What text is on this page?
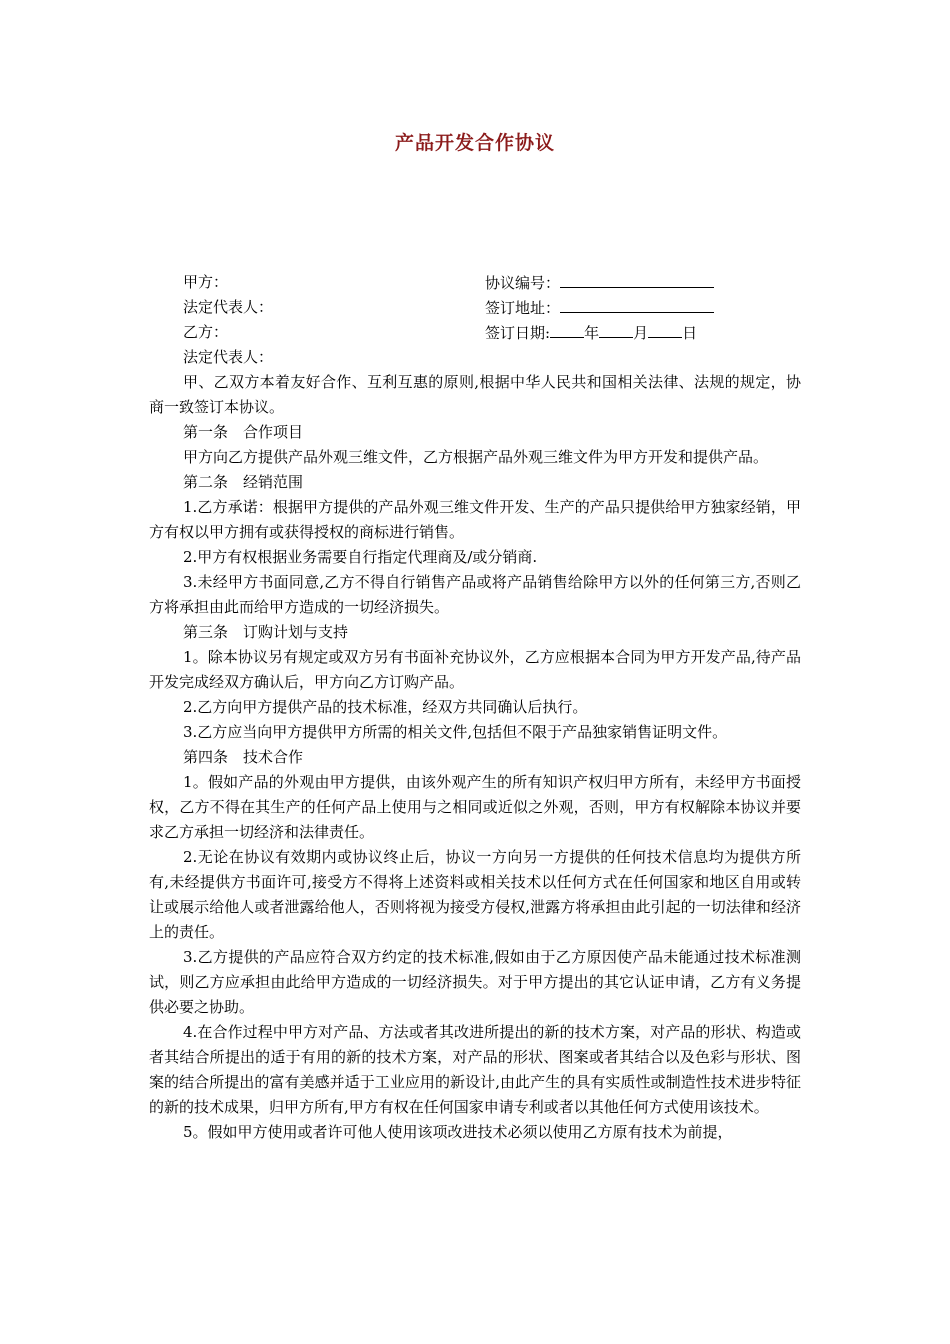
产品开发合作协议
甲方：	协议编号：
法定代表人：	签订地址：
乙方：	签订日期: 年 月 日
法定代表人：

甲、乙双方本着友好合作、互利互惠的原则,根据中华人民共和国相关法律、法规的规定，协商一致签订本协议。

第一条　合作项目

甲方向乙方提供产品外观三维文件，乙方根据产品外观三维文件为甲方开发和提供产品。

第二条　经销范围

1.乙方承诺：根据甲方提供的产品外观三维文件开发、生产的产品只提供给甲方独家经销，甲方有权以甲方拥有或获得授权的商标进行销售。

2.甲方有权根据业务需要自行指定代理商及/或分销商.

3.未经甲方书面同意,乙方不得自行销售产品或将产品销售给除甲方以外的任何第三方,否则乙方将承担由此而给甲方造成的一切经济损失。

第三条　订购计划与支持

1。除本协议另有规定或双方另有书面补充协议外，乙方应根据本合同为甲方开发产品,待产品开发完成经双方确认后，甲方向乙方订购产品。

2.乙方向甲方提供产品的技术标准，经双方共同确认后执行。

3.乙方应当向甲方提供甲方所需的相关文件,包括但不限于产品独家销售证明文件。

第四条　技术合作

1。假如产品的外观由甲方提供，由该外观产生的所有知识产权归甲方所有，未经甲方书面授权，乙方不得在其生产的任何产品上使用与之相同或近似之外观，否则，甲方有权解除本协议并要求乙方承担一切经济和法律责任。

2.无论在协议有效期内或协议终止后，协议一方向另一方提供的任何技术信息均为提供方所有,未经提供方书面许可,接受方不得将上述资料或相关技术以任何方式在任何国家和地区自用或转让或展示给他人或者泄露给他人，否则将视为接受方侵权,泄露方将承担由此引起的一切法律和经济上的责任。

3.乙方提供的产品应符合双方约定的技术标准,假如由于乙方原因使产品未能通过技术标准测试，则乙方应承担由此给甲方造成的一切经济损失。对于甲方提出的其它认证申请，乙方有义务提供必要之协助。

4.在合作过程中甲方对产品、方法或者其改进所提出的新的技术方案，对产品的形状、构造或者其结合所提出的适于有用的新的技术方案，对产品的形状、图案或者其结合以及色彩与形状、图案的结合所提出的富有美感并适于工业应用的新设计,由此产生的具有实质性或制造性技术进步特征的新的技术成果，归甲方所有,甲方有权在任何国家申请专利或者以其他任何方式使用该技术。

5。假如甲方使用或者许可他人使用该项改进技术必须以使用乙方原有技术为前提，
